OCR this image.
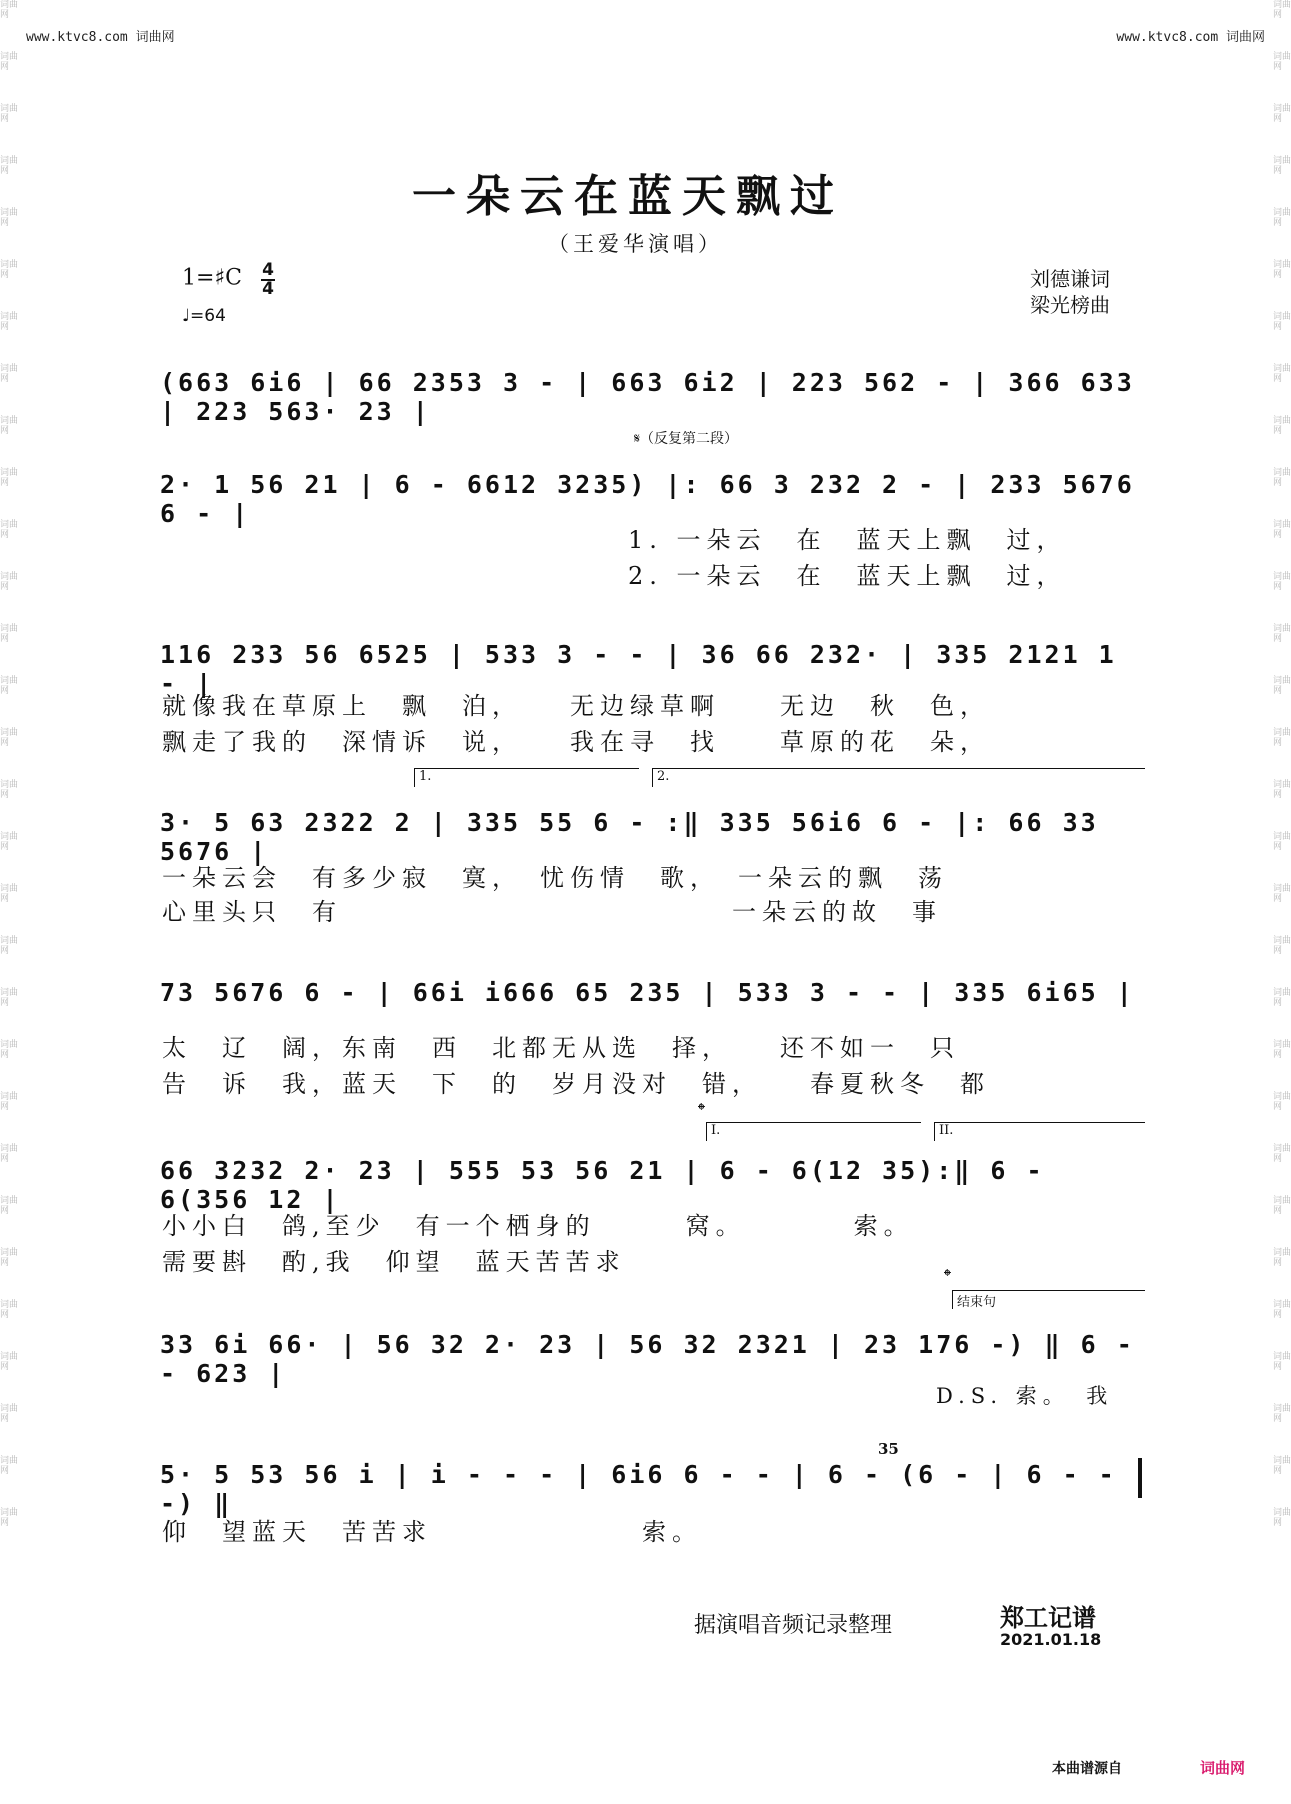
词曲网
词曲网
词曲网
词曲网
词曲网
词曲网
词曲网
词曲网
词曲网
词曲网
词曲网
词曲网
词曲网
词曲网
词曲网
词曲网
词曲网
词曲网
词曲网
词曲网
词曲网
词曲网
词曲网
词曲网
词曲网
词曲网
词曲网
词曲网
词曲网
词曲网
词曲网
词曲网
词曲网
词曲网
词曲网
词曲网
词曲网
词曲网
词曲网
词曲网
词曲网
词曲网
词曲网
词曲网
词曲网
词曲网
词曲网
词曲网
词曲网
词曲网
词曲网
词曲网
词曲网
词曲网
词曲网
词曲网
词曲网
词曲网
词曲网
词曲网
www.ktvc8.com 词曲网	www.ktvc8.com 词曲网
一朵云在蓝天飘过
（王爱华演唱）
1=♯C $\frac{4}{4}$
♩=64
刘德谦词
梁光榜曲
𝄋（反复第二段）
(663 6i6 | 66 2353 3 - | 663 6i2 | 223 562 - | 366 633 | 223 563· 23 |
2· 1 56 21 | 6 - 6612 3235) |: 66 3 232 2 - | 233 5676 6 - |
1. 一朵云　在　蓝天上飘　过，
2. 一朵云　在　蓝天上飘　过，
116 233 56 6525 | 533 3 - - | 36 66 232· | 335 2121 1 - |
就像我在草原上　飘　泊，　　无边绿草啊　　无边　秋　色，
飘走了我的　深情诉　说，　　我在寻　找　　草原的花　朵，
1.	2.
3· 5 63 2322 2 | 335 55 6 - :‖ 335 56i6 6 - |: 66 33 5676 |
一朵云会　有多少寂　寞，　忧伤情　歌，　一朵云的飘　荡
心里头只　有　　　　　　　　　　　　　一朵云的故　事
73 5676 6 - | 66i i666 65 235 | 533 3 - - | 335 6i65 |
太　辽　阔，东南　西　北都无从选　择，　　还不如一　只
告　诉　我，蓝天　下　的　岁月没对　错，　　春夏秋冬　都
𝄌
I.	II.
66 3232 2· 23 | 555 53 56 21 | 6 - 6(12 35):‖ 6 - 6(356 12 |
小小白　鸽,至少　有一个栖身的　　　窝。　　　　索。
需要斟　酌,我　仰望　蓝天苦苦求	𝄌
结束句
33 6i 66· | 56 32 2· 23 | 56 32 2321 | 23 176 -) ‖ 6 - - 623 |
D.S. 索。　我
35
5· 5 53 56 i | i - - - | 6i6 6 - - | 6 - (6 - | 6 - - -) ‖
仰　望蓝天　苦苦求　　　　　　　索。
据演唱音频记录整理	郑工记谱
2021.01.18
本曲谱源自	词曲网
